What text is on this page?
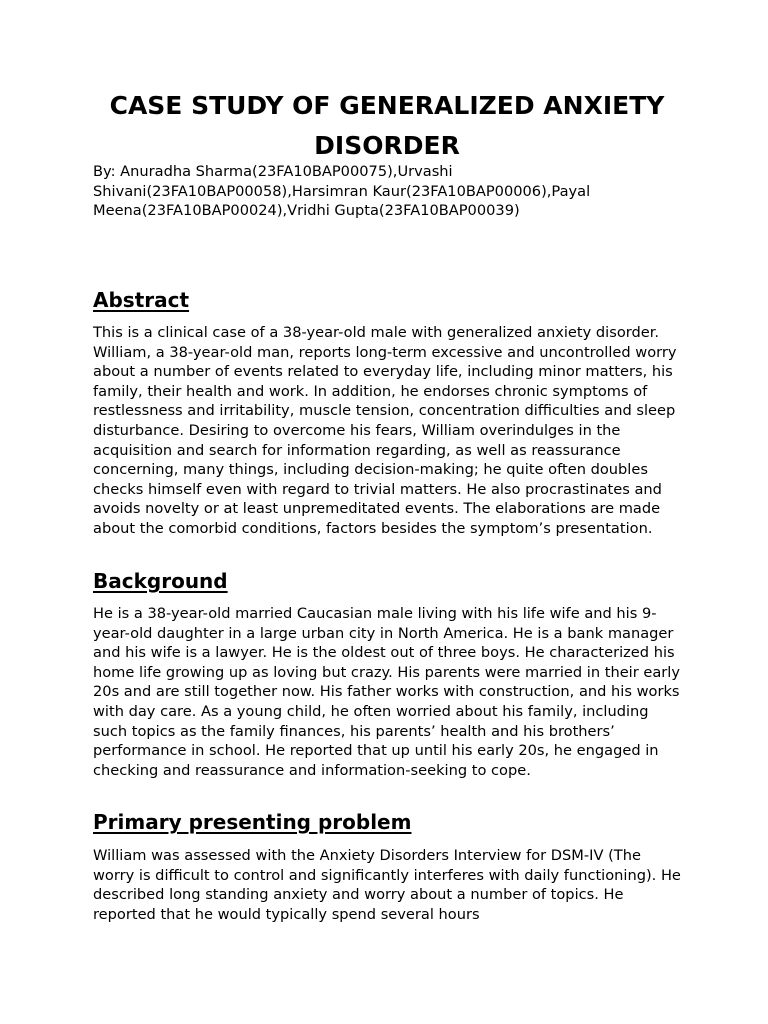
CASE STUDY OF GENERALIZED ANXIETY DISORDER

By: Anuradha Sharma(23FA10BAP00075),Urvashi Shivani(23FA10BAP00058),Harsimran Kaur(23FA10BAP00006),Payal Meena(23FA10BAP00024),Vridhi Gupta(23FA10BAP00039)

Abstract

This is a clinical case of a 38-year-old male with generalized anxiety disorder. William, a 38-year-old man, reports long-term excessive and uncontrolled worry about a number of events related to everyday life, including minor matters, his family, their health and work. In addition, he endorses chronic symptoms of restlessness and irritability, muscle tension, concentration difficulties and sleep disturbance. Desiring to overcome his fears, William overindulges in the acquisition and search for information regarding, as well as reassurance concerning, many things, including decision-making; he quite often doubles checks himself even with regard to trivial matters. He also procrastinates and avoids novelty or at least unpremeditated events. The elaborations are made about the comorbid conditions, factors besides the symptom’s presentation.

Background

He is a 38-year-old married Caucasian male living with his life wife and his 9-year-old daughter in a large urban city in North America. He is a bank manager and his wife is a lawyer. He is the oldest out of three boys. He characterized his home life growing up as loving but crazy. His parents were married in their early 20s and are still together now. His father works with construction, and his works with day care. As a young child, he often worried about his family, including such topics as the family finances, his parents’ health and his brothers’ performance in school. He reported that up until his early 20s, he engaged in checking and reassurance and information-seeking to cope.

Primary presenting problem

William was assessed with the Anxiety Disorders Interview for DSM-IV (The worry is difficult to control and significantly interferes with daily functioning). He described long standing anxiety and worry about a number of topics. He reported that he would typically spend several hours
